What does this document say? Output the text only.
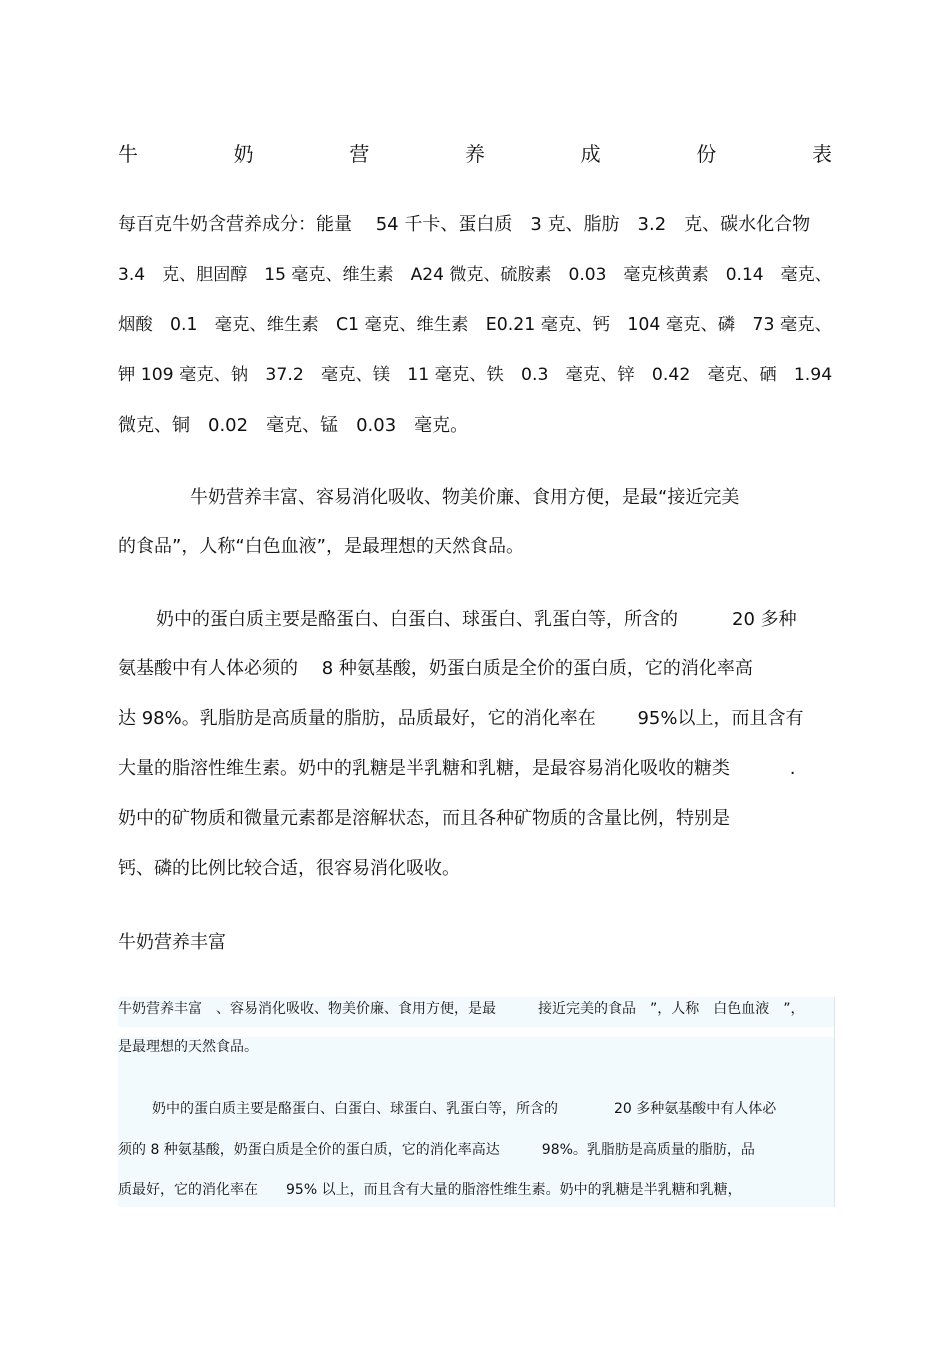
牛	奶	营	养	成	份	表
每百克牛奶含营养成分：能量　 54 千卡、蛋白质　3 克、脂肪　3.2　克、碳水化合物
3.4　克、胆固醇　15 毫克、维生素　A24 微克、硫胺素　0.03　毫克核黄素　0.14　毫克、
烟酸　0.1　毫克、维生素　C1 毫克、维生素　E0.21 毫克、钙　104 毫克、磷　73 毫克、
钾 109 毫克、钠　37.2　毫克、镁　11 毫克、铁　0.3　毫克、锌　0.42　毫克、硒　1.94
微克、铜　0.02　毫克、锰　0.03　毫克。
牛奶营养丰富、容易消化吸收、物美价廉、食用方便，是最“接近完美
的食品”，人称“白色血液”，是最理想的天然食品。
奶中的蛋白质主要是酪蛋白、白蛋白、球蛋白、乳蛋白等，所含的　　　20 多种
氨基酸中有人体必须的　 8 种氨基酸，奶蛋白质是全价的蛋白质，它的消化率高
达 98%。乳脂肪是高质量的脂肪，品质最好，它的消化率在　　 95%以上，而且含有
大量的脂溶性维生素。奶中的乳糖是半乳糖和乳糖，是最容易消化吸收的糖类　　　 .
奶中的矿物质和微量元素都是溶解状态，而且各种矿物质的含量比例，特别是
钙、磷的比例比较合适，很容易消化吸收。
牛奶营养丰富
牛奶营养丰富　、容易消化吸收、物美价廉、食用方便，是最　　　接近完美的食品　”，人称　白色血液　”，
是最理想的天然食品。
奶中的蛋白质主要是酪蛋白、白蛋白、球蛋白、乳蛋白等，所含的　　　　20 多种氨基酸中有人体必
须的 8 种氨基酸，奶蛋白质是全价的蛋白质，它的消化率高达　　　98%。乳脂肪是高质量的脂肪，品
质最好，它的消化率在　　95% 以上，而且含有大量的脂溶性维生素。奶中的乳糖是半乳糖和乳糖，
